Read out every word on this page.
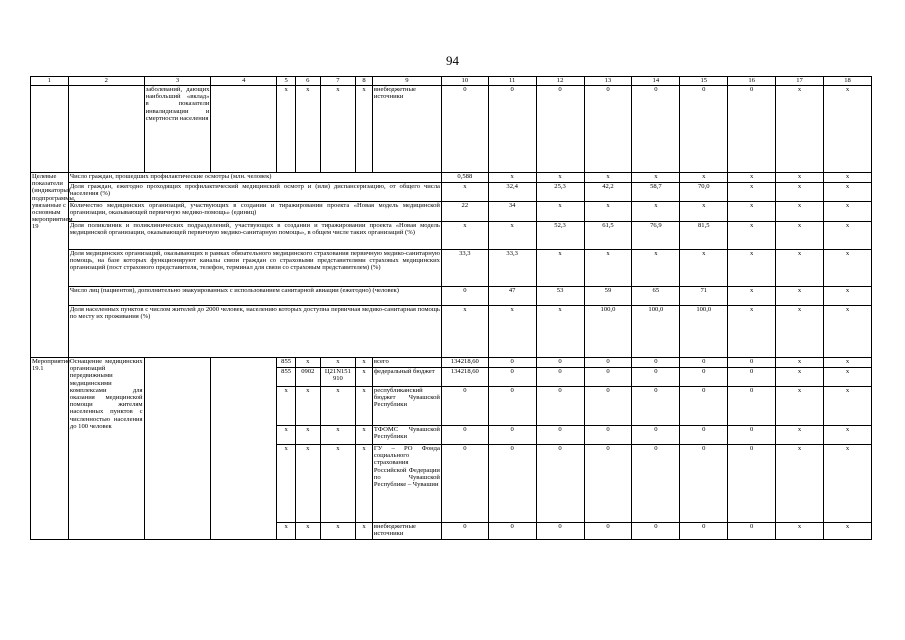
94
1	2	3	4	5	6	7	8	9	10	11	12	13	14	15	16	17	18
		заболеваний, дающих наибольший «вклад» в показатели инвалидизации и смертности населения		х	х	х	х	внебюджетные источники	0	0	0	0	0	0	0	х	х
Целевые показатели (индикаторы) подпрограммы, увязанные с основным мероприятием 19	Число граждан, прошедших профилактические осмотры (млн. человек)								0,588	х	х	х	х	х	х	х	х
	Доля граждан, ежегодно проходящих профилактический медицинский осмотр и (или) диспансеризацию, от общего числа населения (%)								х	32,4	25,3	42,2	58,7	70,0	х	х	х
	Количество медицинских организаций, участвующих в создании и тиражировании проекта «Новая модель медицинской организации, оказывающей первичную медико-помощь» (единиц)								22	34	х	х	х	х	х	х	х
	Доля поликлиник и поликлинических подразделений, участвующих в создании и тиражировании проекта «Новая модель медицинской организации, оказывающей первичную медико-санитарную помощь», в общем числе таких организаций (%)								х	х	52,3	61,5	76,9	81,5	х	х	х
	Доля медицинских организаций, оказывающих в рамках обязательного медицинского страхования первичную медико-санитарную помощь, на базе которых функционируют каналы связи граждан со страховыми представителями страховых медицинских организаций (пост страхового представителя, телефон, терминал для связи со страховым представителем) (%)								33,3	33,3	х	х	х	х	х	х	х
	Число лиц (пациентов), дополнительно эвакуированных с использованием санитарной авиации (ежегодно) (человек)								0	47	53	59	65	71	х	х	х
	Доля населенных пунктов с числом жителей до 2000 человек, населению которых доступна первичная медико-санитарная помощь по месту их проживания (%)								х	х	х	100,0	100,0	100,0	х	х	х
Мероприятие 19.1	Оснащение медицинских организаций передвижными медицинскими комплексами для оказания медицинской помощи жителям населенных пунктов с численностью населения до 100 человек			855	х	х	х	всего	134218,60	0	0	0	0	0	0	х	х
				855	0902	Ц21N151 910	х	федеральный бюджет	134218,60	0	0	0	0	0	0	х	х
				х	х	х	х	республиканский бюджет Чувашской Республики	0	0	0	0	0	0	0	х	х
				х	х	х	х	ТФОМС Чувашской Республики	0	0	0	0	0	0	0	х	х
				х	х	х	х	ГУ – РО Фонда социального страхования Российской Федерации по Чувашской Республике – Чувашии	0	0	0	0	0	0	0	х	х
				х	х	х	х	внебюджетные источники	0	0	0	0	0	0	0	х	х
